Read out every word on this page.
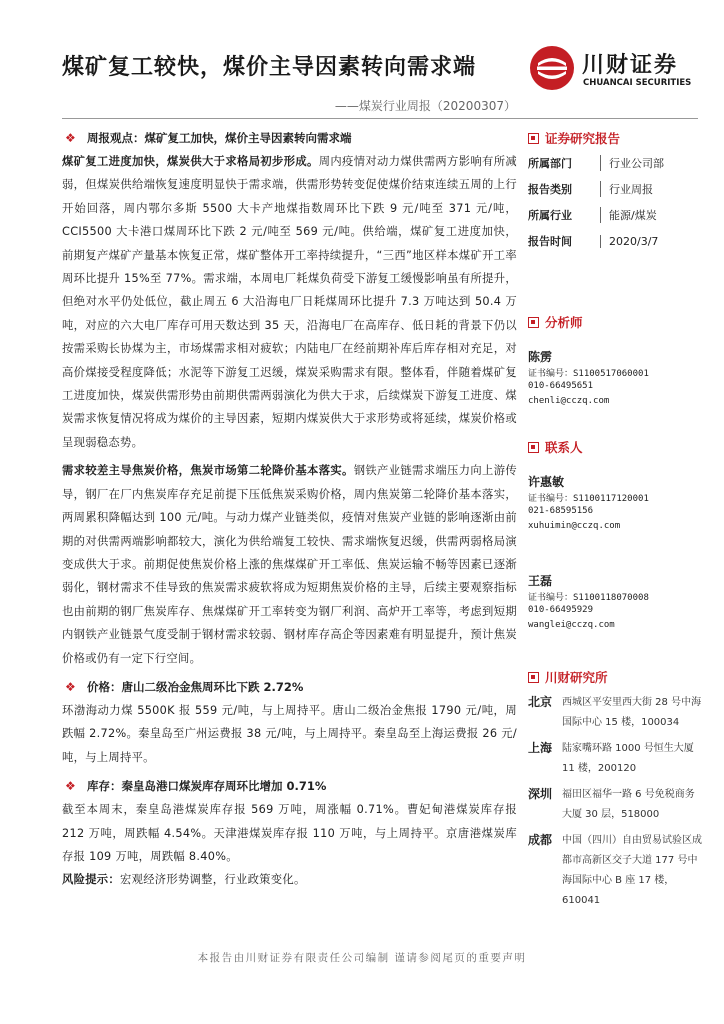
煤矿复工较快，煤价主导因素转向需求端
——煤炭行业周报（20200307）
川财证券
CHUANCAI SECURITIES
❖ 周报观点：煤矿复工加快，煤价主导因素转向需求端

煤矿复工进度加快，煤炭供大于求格局初步形成。周内疫情对动力煤供需两方影响有所减弱，但煤炭供给端恢复速度明显快于需求端，供需形势转变促使煤价结束连续五周的上行开始回落，周内鄂尔多斯 5500 大卡产地煤指数周环比下跌 9 元/吨至 371 元/吨，CCI5500 大卡港口煤周环比下跌 2 元/吨至 569 元/吨。供给端，煤矿复工进度加快，前期复产煤矿产量基本恢复正常，煤矿整体开工率持续提升，“三西”地区样本煤矿开工率周环比提升 15%至 77%。需求端，本周电厂耗煤负荷受下游复工缓慢影响虽有所提升，但绝对水平仍处低位，截止周五 6 大沿海电厂日耗煤周环比提升 7.3 万吨达到 50.4 万吨，对应的六大电厂库存可用天数达到 35 天，沿海电厂在高库存、低日耗的背景下仍以按需采购长协煤为主，市场煤需求相对疲软；内陆电厂在经前期补库后库存相对充足，对高价煤接受程度降低；水泥等下游复工迟缓，煤炭采购需求有限。整体看，伴随着煤矿复工进度加快，煤炭供需形势由前期供需两弱演化为供大于求，后续煤炭下游复工进度、煤炭需求恢复情况将成为煤价的主导因素，短期内煤炭供大于求形势或将延续，煤炭价格或呈现弱稳态势。

需求较差主导焦炭价格，焦炭市场第二轮降价基本落实。钢铁产业链需求端压力向上游传导，钢厂在厂内焦炭库存充足前提下压低焦炭采购价格，周内焦炭第二轮降价基本落实，两周累积降幅达到 100 元/吨。与动力煤产业链类似，疫情对焦炭产业链的影响逐渐由前期的对供需两端影响都较大，演化为供给端复工较快、需求端恢复迟缓，供需两弱格局演变成供大于求。前期促使焦炭价格上涨的焦煤煤矿开工率低、焦炭运输不畅等因素已逐渐弱化，钢材需求不佳导致的焦炭需求疲软将成为短期焦炭价格的主导，后续主要观察指标也由前期的钢厂焦炭库存、焦煤煤矿开工率转变为钢厂利润、高炉开工率等，考虑到短期内钢铁产业链景气度受制于钢材需求较弱、钢材库存高企等因素难有明显提升，预计焦炭价格或仍有一定下行空间。

❖ 价格：唐山二级冶金焦周环比下跌 2.72%

环渤海动力煤 5500K 报 559 元/吨，与上周持平。唐山二级冶金焦报 1790 元/吨，周跌幅 2.72%。秦皇岛至广州运费报 38 元/吨，与上周持平。秦皇岛至上海运费报 26 元/吨，与上周持平。

❖ 库存：秦皇岛港口煤炭库存周环比增加 0.71%

截至本周末，秦皇岛港煤炭库存报 569 万吨，周涨幅 0.71%。曹妃甸港煤炭库存报 212 万吨，周跌幅 4.54%。天津港煤炭库存报 110 万吨，与上周持平。京唐港煤炭库存报 109 万吨，周跌幅 8.40%。

风险提示：宏观经济形势调整，行业政策变化。

证券研究报告
所属部门	行业公司部
报告类别	行业周报
所属行业	能源/煤炭
报告时间	2020/3/7
分析师
陈雳
证书编号：S1100517060001
010-66495651
chenli@cczq.com
联系人
许惠敏
证书编号：S1100117120001
021-68595156
xuhuimin@cczq.com
王磊
证书编号：S1100118070008
010-66495929
wanglei@cczq.com
川财研究所
北京 西城区平安里西大街 28 号中海国际中心 15 楼，100034
上海 陆家嘴环路 1000 号恒生大厦 11 楼，200120
深圳 福田区福华一路 6 号免税商务大厦 30 层，518000
成都 中国（四川）自由贸易试验区成都市高新区交子大道 177 号中海国际中心 B 座 17 楼，610041
本报告由川财证券有限责任公司编制 谨请参阅尾页的重要声明
